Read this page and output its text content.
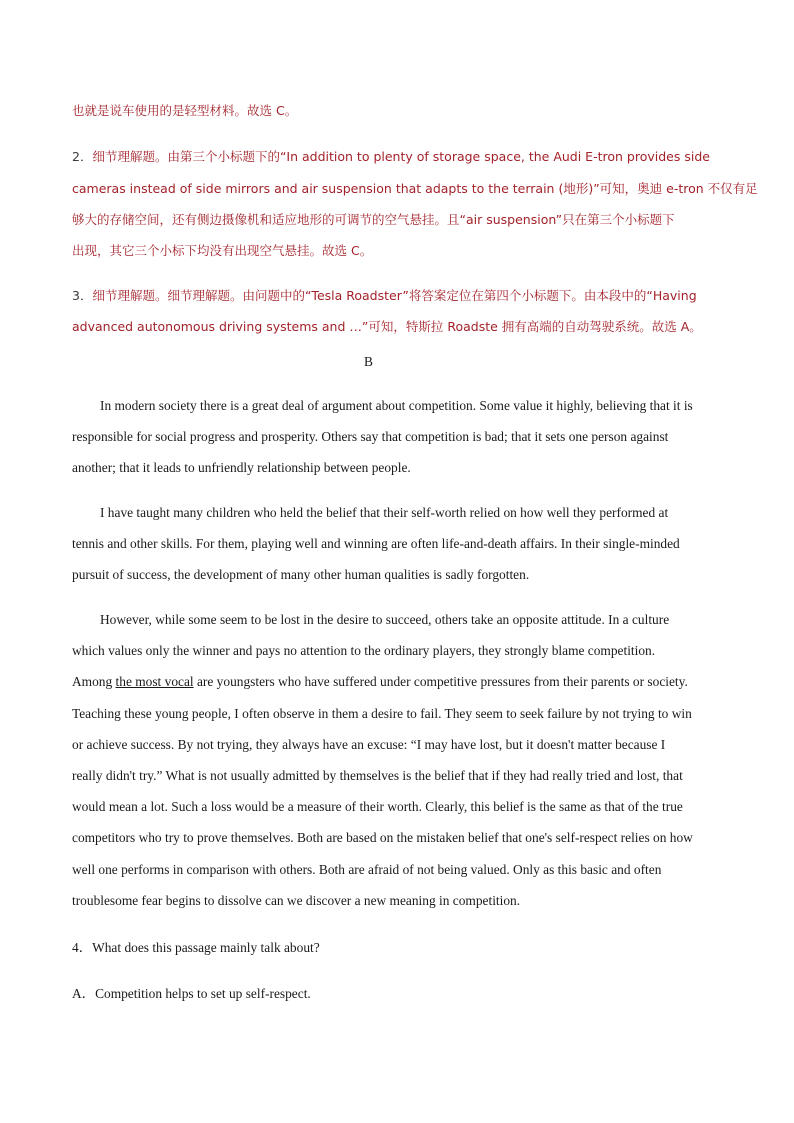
也就是说车使用的是轻型材料。故选 C。
2．细节理解题。由第三个小标题下的“In addition to plenty of storage space, the Audi E-tron provides side
cameras instead of side mirrors and air suspension that adapts to the terrain (地形)”可知，奥迪 e-tron 不仅有足
够大的存储空间，还有侧边摄像机和适应地形的可调节的空气悬挂。且“air suspension”只在第三个小标题下
出现，其它三个小标下均没有出现空气悬挂。故选 C。
3．细节理解题。细节理解题。由问题中的“Tesla Roadster”将答案定位在第四个小标题下。由本段中的“Having
advanced autonomous driving systems and …”可知，特斯拉 Roadste 拥有高端的自动驾驶系统。故选 A。
B
In modern society there is a great deal of argument about competition. Some value it highly, believing that it is
responsible for social progress and prosperity. Others say that competition is bad; that it sets one person against
another; that it leads to unfriendly relationship between people.
I have taught many children who held the belief that their self-worth relied on how well they performed at
tennis and other skills. For them, playing well and winning are often life-and-death affairs. In their single-minded
pursuit of success, the development of many other human qualities is sadly forgotten.
However, while some seem to be lost in the desire to succeed, others take an opposite attitude. In a culture
which values only the winner and pays no attention to the ordinary players, they strongly blame competition.
Among the most vocal are youngsters who have suffered under competitive pressures from their parents or society.
Teaching these young people, I often observe in them a desire to fail. They seem to seek failure by not trying to win
or achieve success. By not trying, they always have an excuse: “I may have lost, but it doesn't matter because I
really didn't try.” What is not usually admitted by themselves is the belief that if they had really tried and lost, that
would mean a lot. Such a loss would be a measure of their worth. Clearly, this belief is the same as that of the true
competitors who try to prove themselves. Both are based on the mistaken belief that one's self-respect relies on how
well one performs in comparison with others. Both are afraid of not being valued. Only as this basic and often
troublesome fear begins to dissolve can we discover a new meaning in competition.
4．What does this passage mainly talk about?
A．Competition helps to set up self-respect.
